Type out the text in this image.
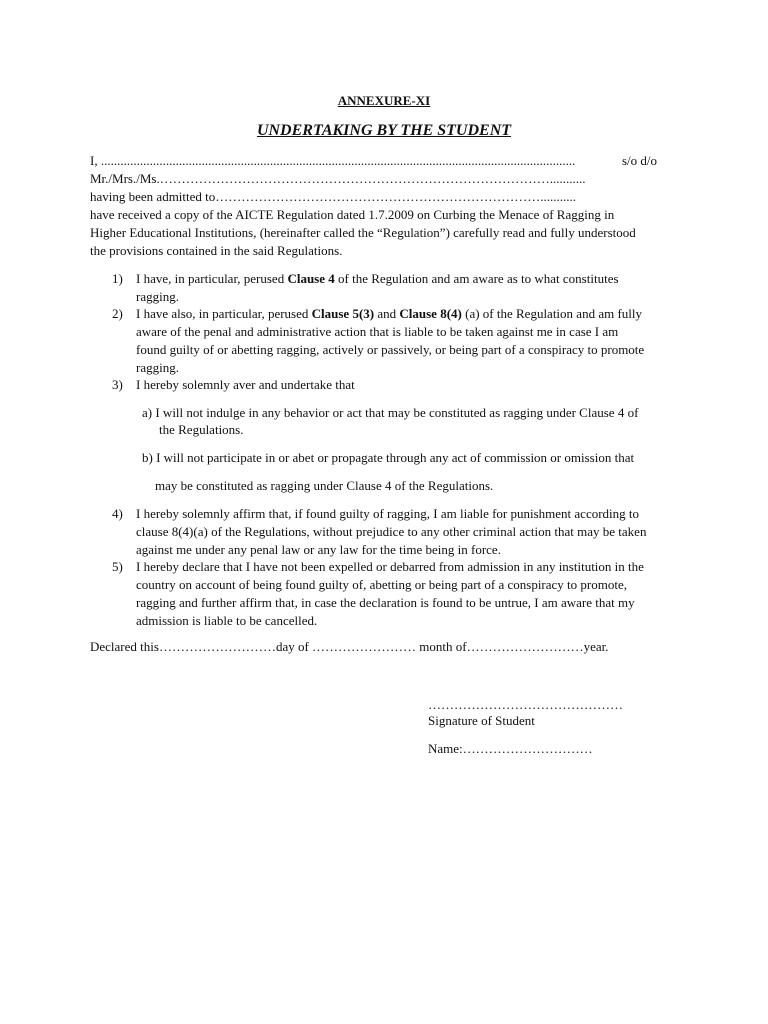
ANNEXURE-XI
UNDERTAKING BY THE STUDENT
I, ..................................................................................................................................................	s/o d/o
Mr./Mrs./Ms.………………………………………………………………………………...........
having been admitted to…………………………………………………………………...........
have received a copy of the AICTE Regulation dated 1.7.2009 on Curbing the Menace of Ragging in
Higher Educational Institutions, (hereinafter called the “Regulation”) carefully read and fully understood
the provisions contained in the said Regulations.
1) I have, in particular, perused Clause 4 of the Regulation and am aware as to what constitutes
ragging.
2) I have also, in particular, perused Clause 5(3) and Clause 8(4) (a) of the Regulation and am fully
aware of the penal and administrative action that is liable to be taken against me in case I am
found guilty of or abetting ragging, actively or passively, or being part of a conspiracy to promote
ragging.
3) I hereby solemnly aver and undertake that
a) I will not indulge in any behavior or act that may be constituted as ragging under Clause 4 of
the Regulations.
b) I will not participate in or abet or propagate through any act of commission or omission that
may be constituted as ragging under Clause 4 of the Regulations.
4) I hereby solemnly affirm that, if found guilty of ragging, I am liable for punishment according to
clause 8(4)(a) of the Regulations, without prejudice to any other criminal action that may be taken
against me under any penal law or any law for the time being in force.
5) I hereby declare that I have not been expelled or debarred from admission in any institution in the
country on account of being found guilty of, abetting or being part of a conspiracy to promote,
ragging and further affirm that, in case the declaration is found to be untrue, I am aware that my
admission is liable to be cancelled.
Declared this………………………day of …………………… month of………………………year.
………………………………………
Signature of Student
Name:…………………………
